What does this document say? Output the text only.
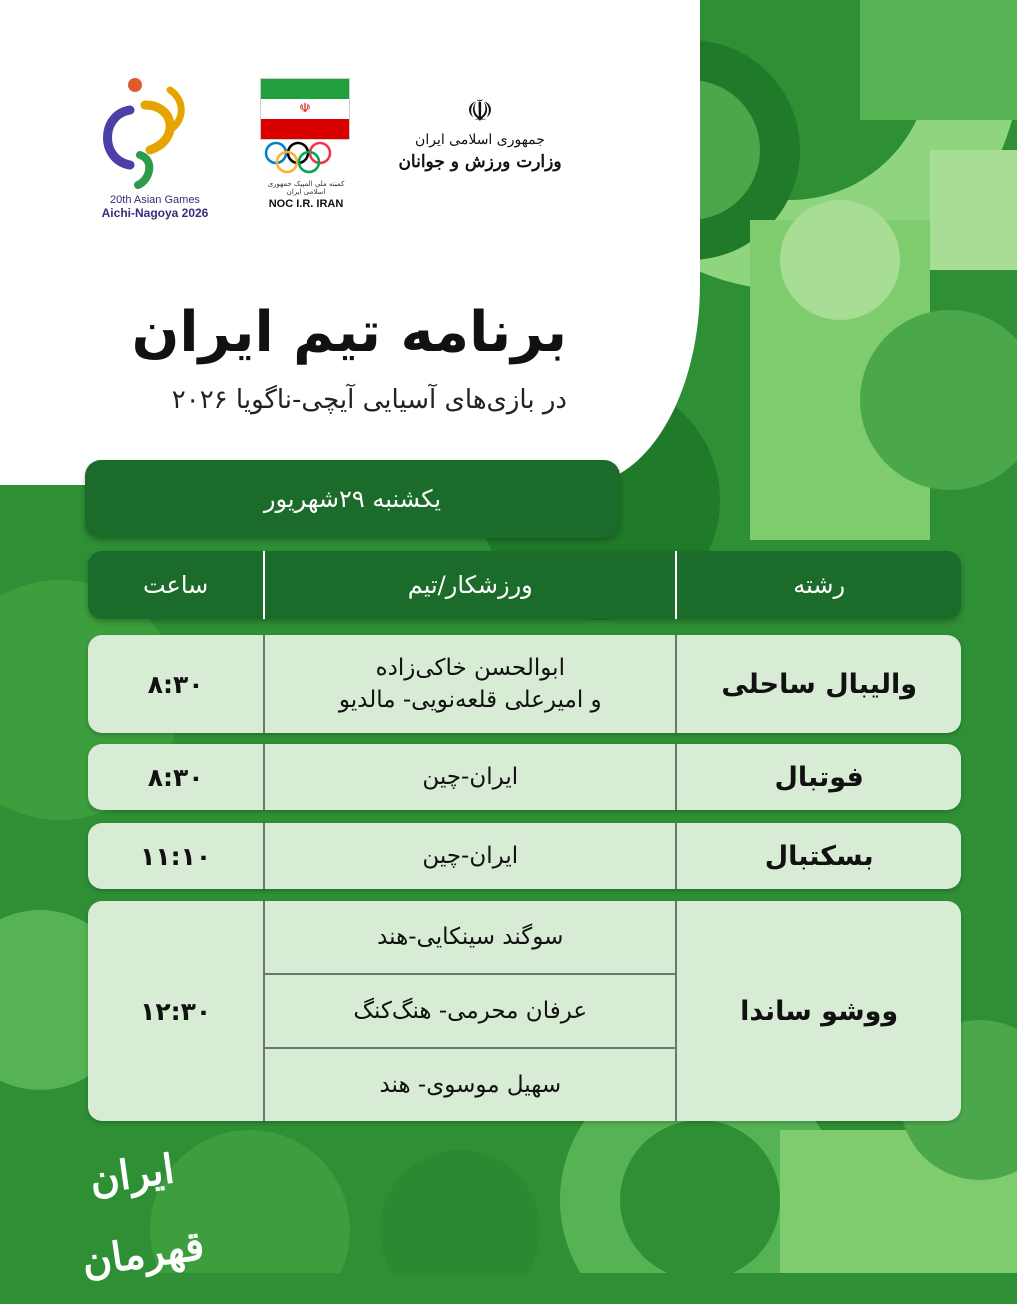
20th Asian Games
Aichi-Nagoya 2026
☫
کمیته ملی المپیک جمهوری اسلامی ایران
NOC I.R. IRAN
☫
جمهوری اسلامی ایران
وزارت ورزش و جوانان
برنامه تیم ایران
در بازی‌های آسیایی آیچی-ناگویا ۲۰۲۶
یکشنبه ۲۹شهریور
رشته
ورزشکار/تیم
ساعت
والیبال ساحلی
ابوالحسن خاکی‌زاده
و امیرعلی قلعه‌نویی- مالدیو
۸:۳۰
فوتبال
ایران-چین
۸:۳۰
بسکتبال
ایران-چین
۱۱:۱۰
ووشو ساندا
سوگند سینکایی-هند
عرفان محرمی- هنگ‌کنگ
سهیل موسوی- هند
۱۲:۳۰
ایران قهرمان
